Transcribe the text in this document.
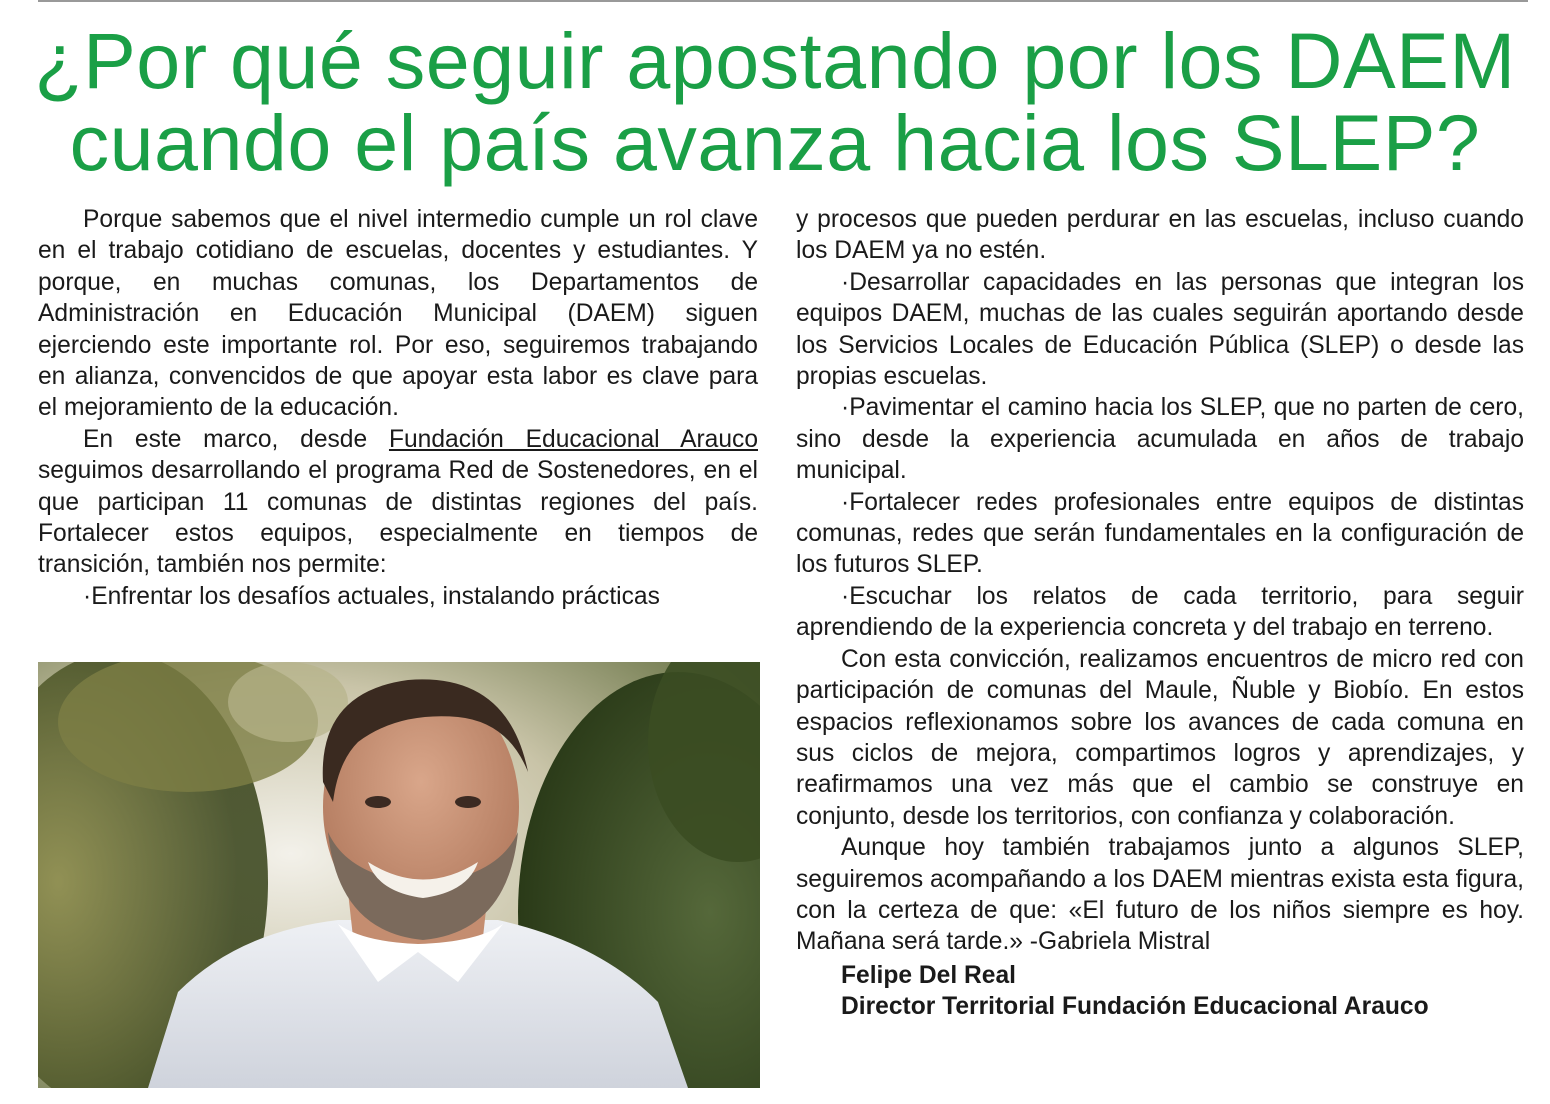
¿Por qué seguir apostando por los DAEM
cuando el país avanza hacia los SLEP?

Porque sabemos que el nivel intermedio cumple un rol clave en el trabajo cotidiano de escuelas, docentes y estudiantes. Y porque, en muchas comunas, los Departamentos de Administración en Educación Municipal (DAEM) siguen ejerciendo este importante rol. Por eso, seguiremos trabajando en alianza, convencidos de que apoyar esta labor es clave para el mejoramiento de la educación.

En este marco, desde Fundación Educacional Arauco seguimos desarrollando el programa Red de Sostenedores, en el que participan 11 comunas de distintas regiones del país. Fortalecer estos equipos, especialmente en tiempos de transición, también nos permite:

·Enfrentar los desafíos actuales, instalando prácticas

y procesos que pueden perdurar en las escuelas, incluso cuando los DAEM ya no estén.

·Desarrollar capacidades en las personas que integran los equipos DAEM, muchas de las cuales seguirán aportando desde los Servicios Locales de Educación Pública (SLEP) o desde las propias escuelas.

·Pavimentar el camino hacia los SLEP, que no parten de cero, sino desde la experiencia acumulada en años de trabajo municipal.

·Fortalecer redes profesionales entre equipos de distintas comunas, redes que serán fundamentales en la configuración de los futuros SLEP.

·Escuchar los relatos de cada territorio, para seguir aprendiendo de la experiencia concreta y del trabajo en terreno.

Con esta convicción, realizamos encuentros de micro red con participación de comunas del Maule, Ñuble y Biobío. En estos espacios reflexionamos sobre los avances de cada comuna en sus ciclos de mejora, compartimos logros y aprendizajes, y reafirmamos una vez más que el cambio se construye en conjunto, desde los territorios, con confianza y colaboración.

Aunque hoy también trabajamos junto a algunos SLEP, seguiremos acompañando a los DAEM mientras exista esta figura, con la certeza de que: «El futuro de los niños siempre es hoy. Mañana será tarde.» -Gabriela Mistral

Felipe Del Real
Director Territorial Fundación Educacional Arauco
